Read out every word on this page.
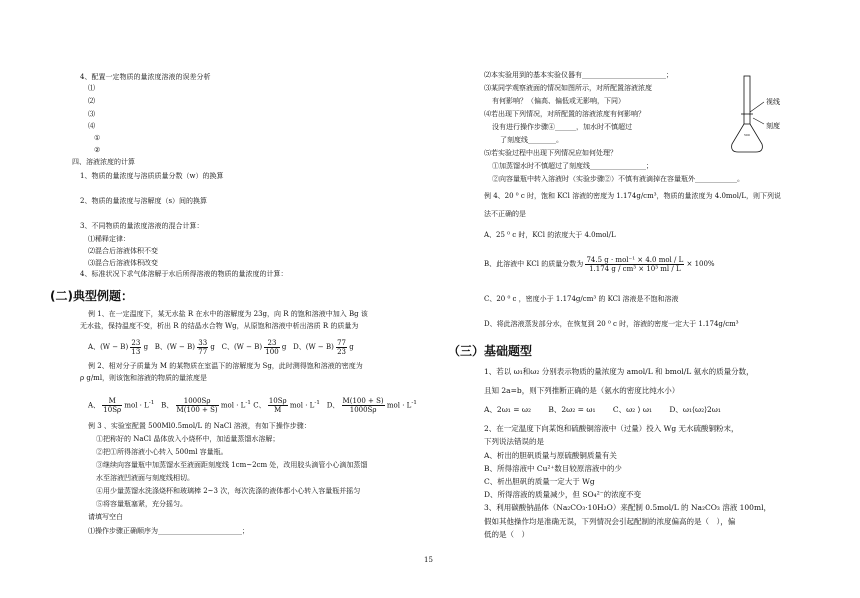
4、配置一定物质的量浓度溶液的误差分析
⑴
⑵
⑶
⑷
①
②
四、溶液浓度的计算
1、物质的量浓度与溶质质量分数（w）的换算
2、物质的量浓度与溶解度（s）间的换算
3、不同物质的量浓度溶液的混合计算：
⑴稀释定律：
⑵混合后溶液体积不变
⑶混合后溶液体积改变
4、标准状况下求气体溶解于水后所得溶液的物质的量浓度的计算：
(二)典型例题：
例 1、在一定温度下，某无水盐 R 在水中的溶解度为 23g，向 R 的饱和溶液中加入 Bg 该
无水盐，保持温度不变，析出 R 的结晶水合物 Wg，从原饱和溶液中析出溶质 R 的质量为
A、$(W - B) \frac{23}{13}$ g B、$(W - B) \frac{33}{77}$ g C、$(W - B) \frac{23}{100}$ g D、$(W - B) \frac{77}{23}$ g
例 2、相对分子质量为 M 的某物质在室温下的溶解度为 Sg，此时测得饱和溶液的密度为
ρ g/ml，则该饱和溶液的物质的量浓度是
A、 $\frac{M}{10S\rho}$ mol · $L^{-1}$ B、 $\frac{1000S\rho}{M(100 + S)}$ mol · $L^{-1}$ C、 $\frac{10S\rho}{M}$ mol · $L^{-1}$ D、 $\frac{M(100 + S)}{1000S\rho}$ mol · $L^{-1}$
例 3 、实验室配置 500Ml0.5mol/L 的 NaCl 溶液，有如下操作步骤：
①把称好的 NaCl 晶体放入小烧杯中，加适量蒸馏水溶解；
②把①所得溶液小心转入 500ml 容量瓶。
③继续向容量瓶中加蒸馏水至液面距刻度线 1cm~2cm 处，改用胶头滴管小心滴加蒸馏
水至溶液凹液面与刻度线相切。
④用少量蒸馏水洗涤烧杯和玻璃棒 2~3 次，每次洗涤的液体都小心转入容量瓶并摇匀
⑤将容量瓶塞紧，充分摇匀。
请填写空白
⑴操作步骤正确顺序为________________________；
⑵本实验用到的基本实验仪器有________________________；
⑶某同学观察液面的情况如图所示，对所配置溶液浓度
有何影响？（偏高、偏低或无影响，下同）
⑷若出现下列情况，对所配置的溶液浓度有何影响？
没有进行操作步骤④______，加水时不慎超过
了刻度线________。
⑸若实验过程中出现下列情况应如何处理？
①加蒸馏水时不慎超过了刻度线________________；
②向容量瓶中转入溶液时（实验步骤②）不慎有液滴掉在容量瓶外____________。
500
视线
刻度
例 4、20 ⁰ c 时，饱和 KCl 溶液的密度为 1.174g/cm³，物质的量浓度为 4.0mol/L，则下列说
法不正确的是
A、25 ⁰ c 时，KCl 的浓度大于 4.0mol/L
B、此溶液中 KCl 的质量分数为 $\frac{\text{74.5 g · mol⁻¹ × 4.0 mol / L}}{\text{1.174 g / cm³ × 10³ ml / L}} \times 100\%$
C、20 ⁰ c ，密度小于 1.174g/cm³ 的 KCl 溶液是不饱和溶液
D、将此溶液蒸发部分水，在恢复到 20 ⁰ c 时，溶液的密度一定大于 1.174g/cm³
（三）基础题型
1、若以 ω₁和ω₂ 分别表示物质的量浓度为 amol/L 和 bmol/L 氨水的质量分数，
且知 2a=b，则下列推断正确的是（氨水的密度比纯水小）
A、2ω₁ = ω₂　　 B、2ω₂ = ω₁　　 C、ω₂ ⟩ ω₁　　 D、ω₁⟨ω₂⟩2ω₁
2、在一定温度下向某饱和硫酸铜溶液中（过量）投入 Wg 无水硫酸铜粉末，
下列说法错误的是
A、析出的胆矾质量与原硫酸铜质量有关
B、所得溶液中 Cu²⁺数目较原溶液中的少
C、析出胆矾的质量一定大于 Wg
D、所得溶液的质量减少，但 SO₄²⁻的浓度不变
3、利用碳酸钠晶体（Na₂CO₃·10H₂O）来配制 0.5mol/L 的 Na₂CO₃ 溶液 100ml，
假如其他操作均是准确无误，下列情况会引起配制的浓度偏高的是（　），偏
低的是（　）
15
